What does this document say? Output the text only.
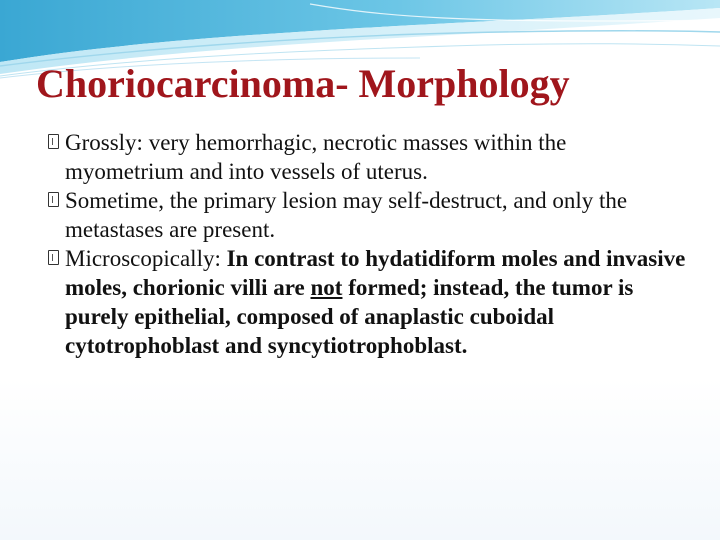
Choriocarcinoma- Morphology
Grossly: very hemorrhagic, necrotic masses within the myometrium and into vessels of uterus.
Sometime, the primary lesion may self-destruct, and only the metastases are present.
Microscopically: In contrast to hydatidiform moles and invasive moles, chorionic villi are not formed; instead, the tumor is purely epithelial, composed of anaplastic cuboidal cytotrophoblast and syncytiotrophoblast.
